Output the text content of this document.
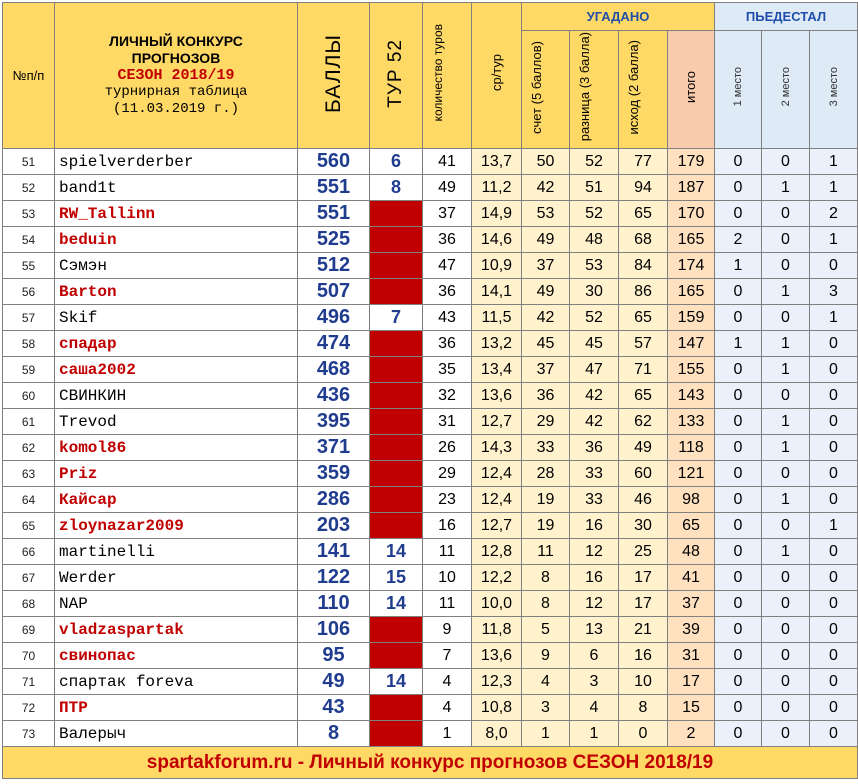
№п/п	ЛИЧНЫЙ КОНКУРС
ПРОГНОЗОВ
СЕЗОН 2018/19
турнирная таблица
(11.03.2019 г.)	БАЛЛЫ	ТУР 52	количество туров	ср/тур	УГАДАНО				ПЬЕДЕСТАЛ		
						счет (5 баллов)	разница (3 балла)	исход (2 балла)	итого	1 место	2 место	3 место
51	spielverderber	560	6	41	13,7	50	52	77	179	0	0	1
52	band1t	551	8	49	11,2	42	51	94	187	0	1	1
53	RW_Tallinn	551		37	14,9	53	52	65	170	0	0	2
54	beduin	525		36	14,6	49	48	68	165	2	0	1
55	Сэмэн	512		47	10,9	37	53	84	174	1	0	0
56	Barton	507		36	14,1	49	30	86	165	0	1	3
57	Skif	496	7	43	11,5	42	52	65	159	0	0	1
58	спадар	474		36	13,2	45	45	57	147	1	1	0
59	саша2002	468		35	13,4	37	47	71	155	0	1	0
60	СВИНКИН	436		32	13,6	36	42	65	143	0	0	0
61	Trevod	395		31	12,7	29	42	62	133	0	1	0
62	komol86	371		26	14,3	33	36	49	118	0	1	0
63	Priz	359		29	12,4	28	33	60	121	0	0	0
64	Кайсар	286		23	12,4	19	33	46	98	0	1	0
65	zloynazar2009	203		16	12,7	19	16	30	65	0	0	1
66	martinelli	141	14	11	12,8	11	12	25	48	0	1	0
67	Werder	122	15	10	12,2	8	16	17	41	0	0	0
68	NAP	110	14	11	10,0	8	12	17	37	0	0	0
69	vladzaspartak	106		9	11,8	5	13	21	39	0	0	0
70	свинопас	95		7	13,6	9	6	16	31	0	0	0
71	спартак foreva	49	14	4	12,3	4	3	10	17	0	0	0
72	ПТР	43		4	10,8	3	4	8	15	0	0	0
73	Валерыч	8		1	8,0	1	1	0	2	0	0	0
spartakforum.ru - Личный конкурс прогнозов СЕЗОН 2018/19												
